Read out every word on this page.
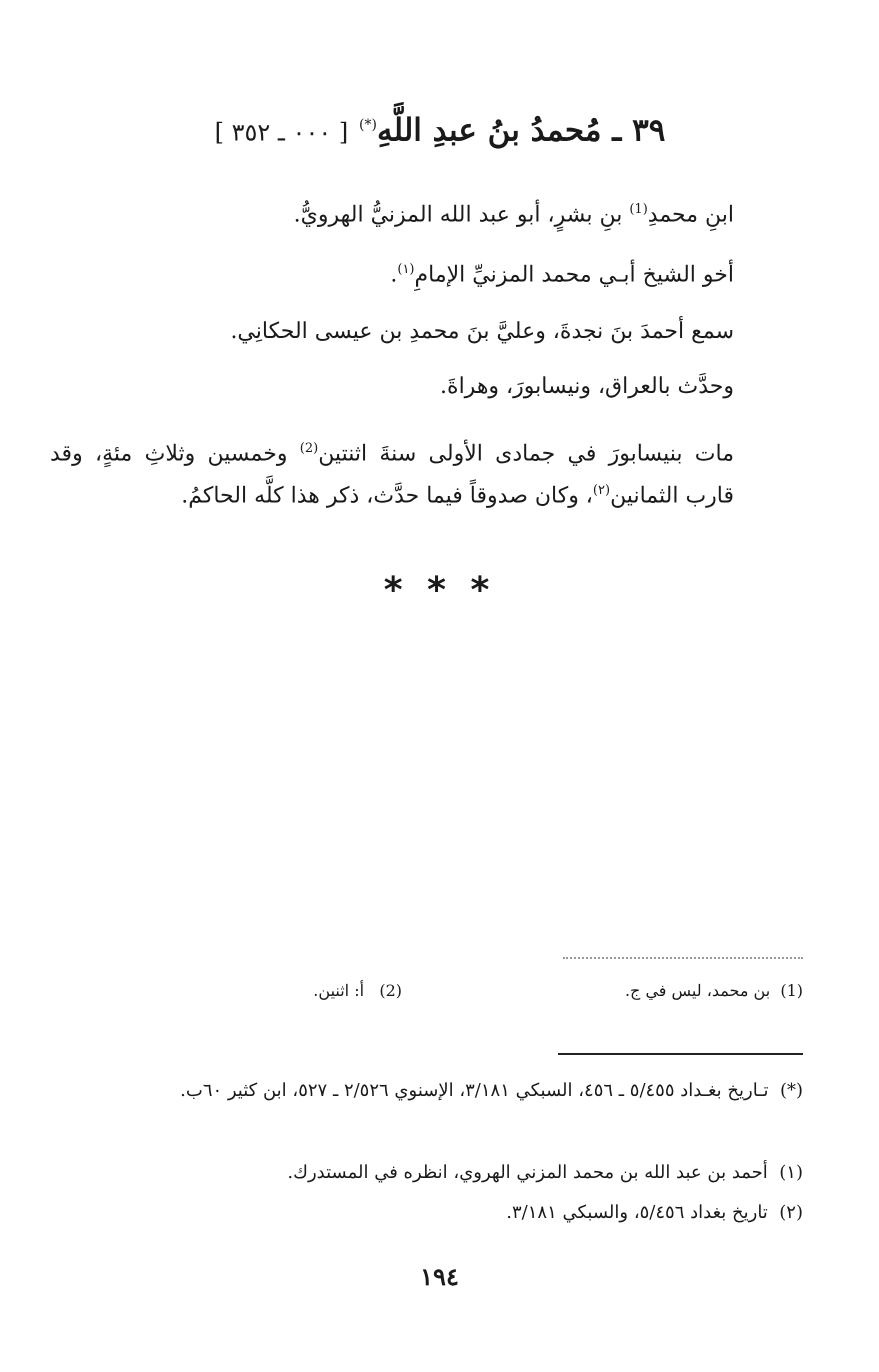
٣٩ ـ مُحمدُ بنُ عبدِ اللَّهِ(*) [ ٠٠٠ ـ ٣٥٢ ]
ابنِ محمدِ$^{(1)}$ بنِ بشرٍ، أبو عبد الله المزنيُّ الهرويُّ.
أخو الشيخ أبـي محمد المزنيِّ الإمامِ$^{(١)}$.
سمع أحمدَ بنَ نجدةَ، وعليَّ بنَ محمدِ بن عيسى الحكانِي.
وحدَّث بالعراق، ونيسابورَ، وهراةَ.
مات بنيسابورَ في جمادى الأولى سنةَ اثنتين$^{(2)}$ وخمسين وثلاثِ مئةٍ، وقد قارب الثمانين$^{(٢)}$، وكان صدوقاً فيما حدَّث، ذكر هذا كلَّه الحاكمُ.
* * *
(1)  بن محمد، ليس في ج.
(2)   أ: اثنين.
(*)  تـاريخ بغـداد ٥/٤٥٥ ـ ٤٥٦، السبكي ٣/١٨١، الإسنوي ٢/٥٢٦ ـ ٥٢٧، ابن كثير ٦٠ب.
(١)  أحمد بن عبد الله بن محمد المزني الهروي، انظره في المستدرك.
(٢)  تاريخ بغداد ٥/٤٥٦، والسبكي ٣/١٨١.
١٩٤
